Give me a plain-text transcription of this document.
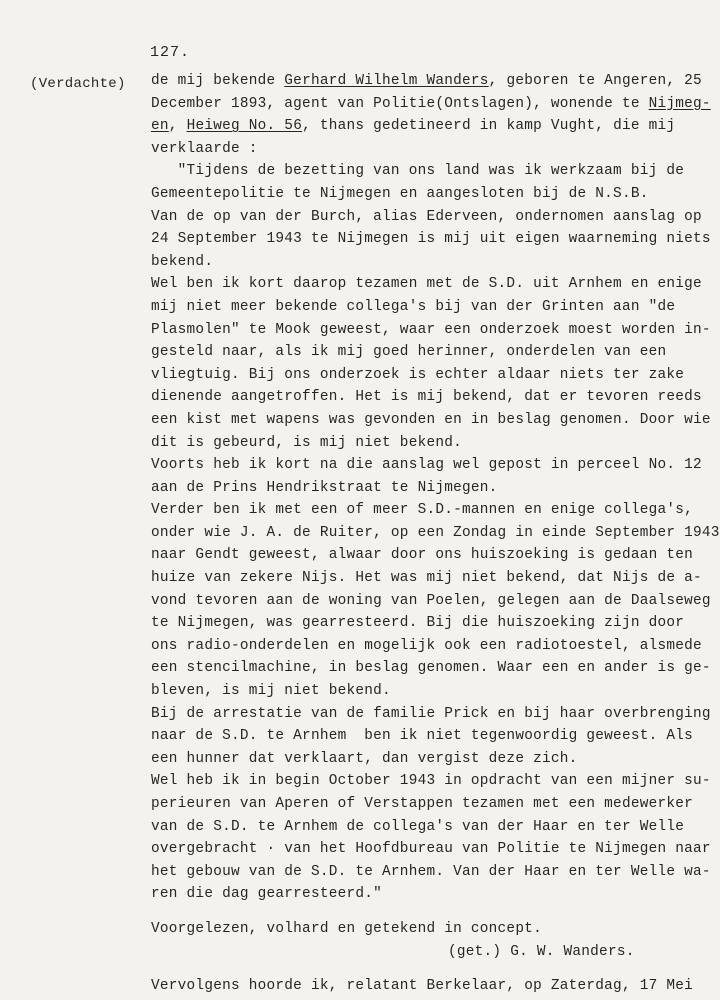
127.
(Verdachte) de mij bekende Gerhard Wilhelm Wanders, geboren te Angeren, 25
December 1893, agent van Politie(Ontslagen), wonende te Nijmeg-
en, Heiweg No. 56, thans gedetineerd in kamp Vught, die mij
verklaarde :
"Tijdens de bezetting van ons land was ik werkzaam bij de
Gemeentepolitie te Nijmegen en aangesloten bij de N.S.B.
Van de op van der Burch, alias Ederveen, ondernomen aanslag op
24 September 1943 te Nijmegen is mij uit eigen waarneming niets
bekend.
Wel ben ik kort daarop tezamen met de S.D. uit Arnhem en enige
mij niet meer bekende collega's bij van der Grinten aan "de
Plasmolen" te Mook geweest, waar een onderzoek moest worden in-
gesteld naar, als ik mij goed herinner, onderdelen van een
vliegtuig. Bij ons onderzoek is echter aldaar niets ter zake
dienende aangetroffen. Het is mij bekend, dat er tevoren reeds
een kist met wapens was gevonden en in beslag genomen. Door wie
dit is gebeurd, is mij niet bekend.
Voorts heb ik kort na die aanslag wel gepost in perceel No. 12
aan de Prins Hendrikstraat te Nijmegen.
Verder ben ik met een of meer S.D.-mannen en enige collega's,
onder wie J. A. de Ruiter, op een Zondag in einde September 1943
naar Gendt geweest, alwaar door ons huiszoeking is gedaan ten
huize van zekere Nijs. Het was mij niet bekend, dat Nijs de a-
vond tevoren aan de woning van Poelen, gelegen aan de Daalseweg
te Nijmegen, was gearresteerd. Bij die huiszoeking zijn door
ons radio-onderdelen en mogelijk ook een radiotoestel, alsmede
een stencilmachine, in beslag genomen. Waar een en ander is ge-
bleven, is mij niet bekend.
Bij de arrestatie van de familie Prick en bij haar overbrenging
naar de S.D. te Arnhem  ben ik niet tegenwoordig geweest. Als
een hunner dat verklaart, dan vergist deze zich.
Wel heb ik in begin October 1943 in opdracht van een mijner su-
perieuren van Aperen of Verstappen tezamen met een medewerker
van de S.D. te Arnhem de collega's van der Haar en ter Welle
overgebracht · van het Hoofdbureau van Politie te Nijmegen naar
het gebouw van de S.D. te Arnhem. Van der Haar en ter Welle wa-
ren die dag gearresteerd."
Voorgelezen, volhard en getekend in concept.
(get.) G. W. Wanders.
Vervolgens hoorde ik, relatant Berkelaar, op Zaterdag, 17 Mei
